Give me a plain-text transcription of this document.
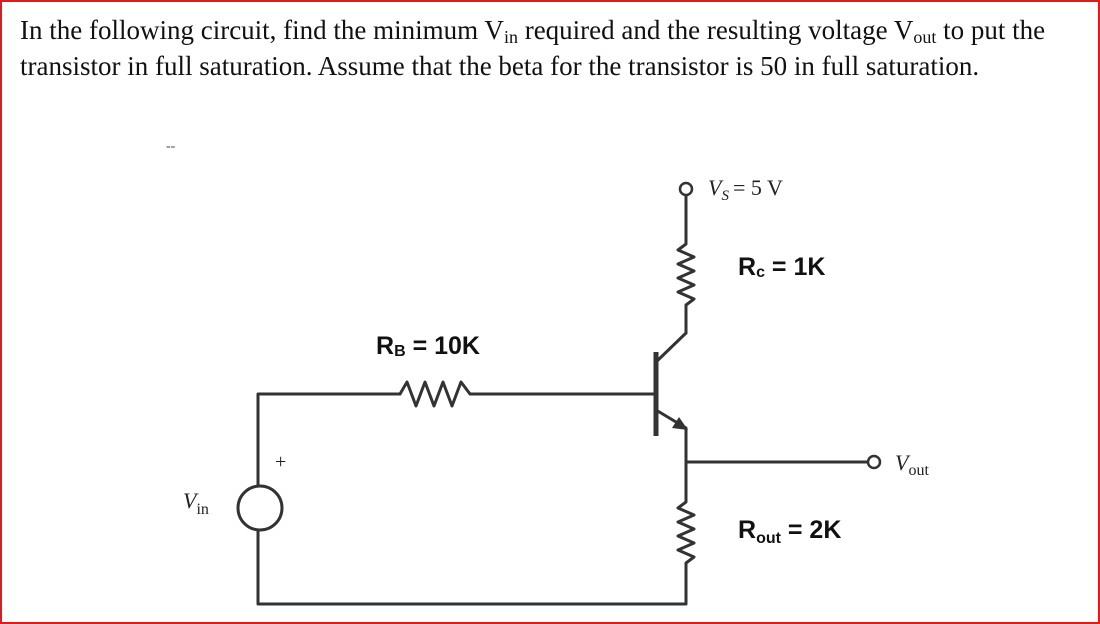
In the following circuit, find the minimum $V_{in}$ required and the resulting voltage $V_{out}$ to put the transistor in full saturation. Assume that the beta for the transistor is 50 in full saturation.
$V_S = 5$ V
Rc = 1K
RB = 10K
$R_{out} = 2K$
$V_{out}$
$V_{in}$
+
--
